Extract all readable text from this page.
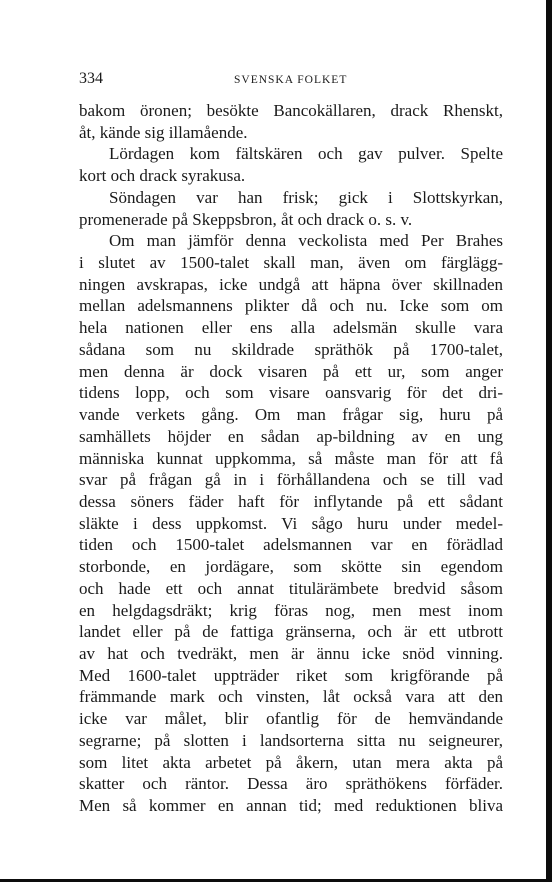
334	SVENSKA FOLKET
bakom öronen; besökte Bancokällaren, drack Rhenskt,
åt, kände sig illamående.
Lördagen kom fältskären och gav pulver. Spelte
kort och drack syrakusa.
Söndagen var han frisk; gick i Slottskyrkan,
promenerade på Skeppsbron, åt och drack o. s. v.
Om man jämför denna veckolista med Per Brahes
i slutet av 1500-talet skall man, även om färglägg-
ningen avskrapas, icke undgå att häpna över skillnaden
mellan adelsmannens plikter då och nu. Icke som om
hela nationen eller ens alla adelsmän skulle vara
sådana som nu skildrade spräthök på 1700-talet,
men denna är dock visaren på ett ur, som anger
tidens lopp, och som visare oansvarig för det dri-
vande verkets gång. Om man frågar sig, huru på
samhällets höjder en sådan ap-bildning av en ung
människa kunnat uppkomma, så måste man för att få
svar på frågan gå in i förhållandena och se till vad
dessa söners fäder haft för inflytande på ett sådant
släkte i dess uppkomst. Vi sågo huru under medel-
tiden och 1500-talet adelsmannen var en förädlad
storbonde, en jordägare, som skötte sin egendom
och hade ett och annat titulärämbete bredvid såsom
en helgdagsdräkt; krig föras nog, men mest inom
landet eller på de fattiga gränserna, och är ett utbrott
av hat och tvedräkt, men är ännu icke snöd vinning.
Med 1600-talet uppträder riket som krigförande på
främmande mark och vinsten, låt också vara att den
icke var målet, blir ofantlig för de hemvändande
segrarne; på slotten i landsorterna sitta nu seigneurer,
som litet akta arbetet på åkern, utan mera akta på
skatter och räntor. Dessa äro spräthökens förfäder.
Men så kommer en annan tid; med reduktionen bliva
